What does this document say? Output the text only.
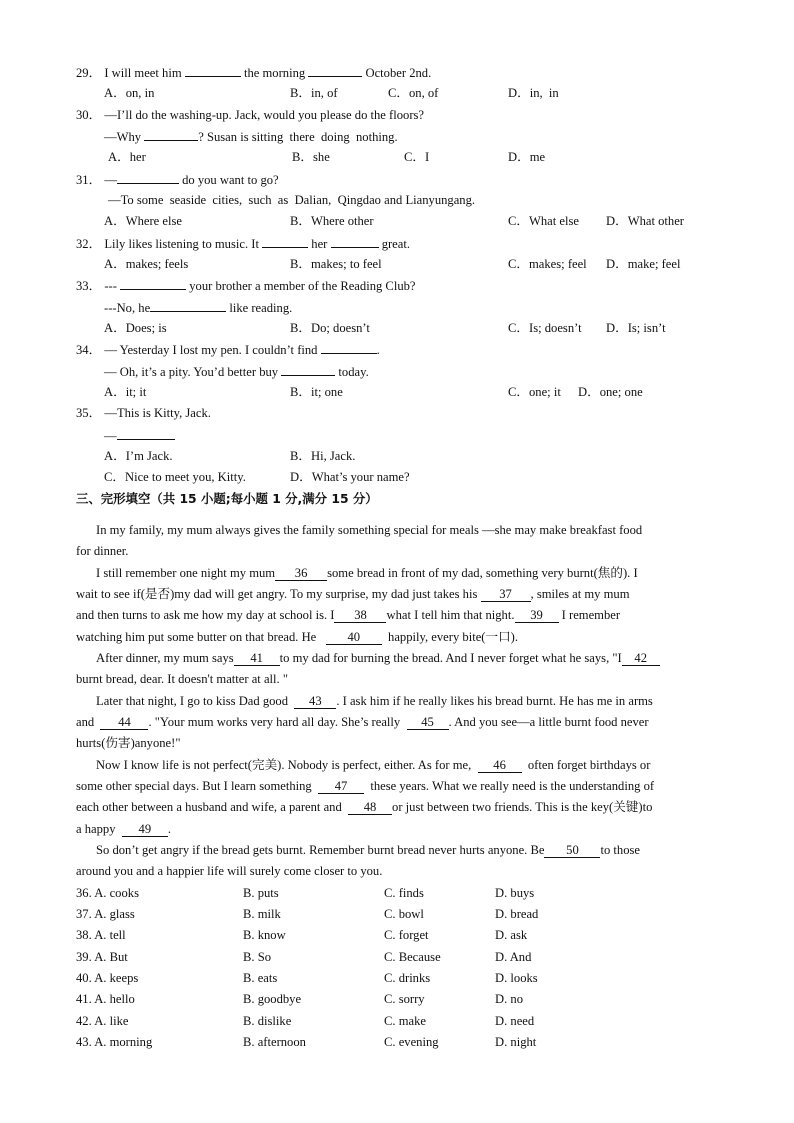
29． I will meet him	the morning	October 2nd.
A．on, in	B．in, of	C．on, of	D．in,  in
30． —I’ll do the washing-up. Jack, would you please do the floors?
—Why	? Susan is sitting  there  doing  nothing.
A．her	B．she	C．I	D．me
31． —	do you want to go?
—To some  seaside  cities,  such  as  Dalian,  Qingdao and Lianyungang.
A．Where else	B．Where other	C．What else D．What other
32． Lily likes listening to music. It	her	great.
A．makes; feels	B．makes; to feel	C．makes; feel D．make; feel
33． ---	your brother a member of the Reading Club?
---No, he	like reading.
A．Does; is	B．Do; doesn’t	C．Is; doesn’t D．Is; isn’t
34． — Yesterday I lost my pen. I couldn’t find	.
— Oh, it’s a pity. You’d better buy	today.
A．it; it	B．it; one	C．one; it D．one; one
35． —This is Kitty, Jack.
—
A．I’m Jack.	B．Hi, Jack.
C．Nice to meet you, Kitty.	D．What’s your name?
三、完形填空（共 15 小题;每小题 1 分,满分 15 分）
In my family, my mum always gives the family something special for meals —she may make breakfast food
for dinner.
I still remember one night my mum 36 some bread in front of my dad, something very burnt(焦的). I
wait to see if(是否)my dad will get angry. To my surprise, my dad just takes his 37 , smiles at my mum
and then turns to ask me how my day at school is. I 38 what I tell him that night. 39 I remember
watching him put some butter on that bread. He 40 happily, every bite(一口).
After dinner, my mum says 41 to my dad for burning the bread. And I never forget what he says, "I 42
burnt bread, dear. It doesn't matter at all. "
Later that night, I go to kiss Dad good 43 . I ask him if he really likes his bread burnt. He has me in arms
and 44 . "Your mum works very hard all day. She’s really 45 . And you see—a little burnt food never
hurts(伤害)anyone!"
Now I know life is not perfect(完美). Nobody is perfect, either. As for me, 46 often forget birthdays or
some other special days. But I learn something 47 these years. What we really need is the understanding of
each other between a husband and wife, a parent and 48 or just between two friends. This is the key(关键)to
a happy 49 .
So don’t get angry if the bread gets burnt. Remember burnt bread never hurts anyone. Be 50 to those
around you and a happier life will surely come closer to you.
36. A. cooks	B. puts	C. finds	D. buys
37. A. glass	B. milk	C. bowl	D. bread
38. A. tell	B. know	C. forget	D. ask
39. A. But	B. So	C. Because	D. And
40. A. keeps	B. eats	C. drinks	D. looks
41. A. hello	B. goodbye	C. sorry	D. no
42. A. like	B. dislike	C. make	D. need
43. A. morning	B. afternoon	C. evening	D. night
